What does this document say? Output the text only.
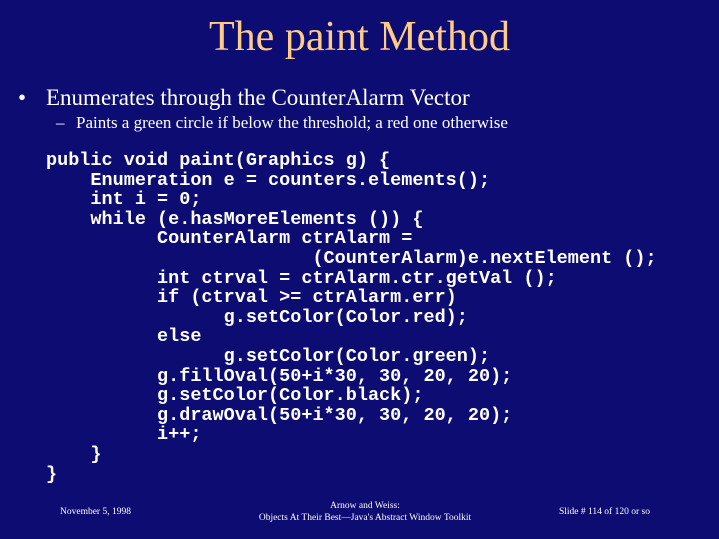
The paint Method
• Enumerates through the CounterAlarm Vector
– Paints a green circle if below the threshold; a red one otherwise
public void paint(Graphics g) {
Enumeration e = counters.elements();
int i = 0;
while (e.hasMoreElements ()) {
CounterAlarm ctrAlarm =
(CounterAlarm)e.nextElement ();
int ctrval = ctrAlarm.ctr.getVal ();
if (ctrval >= ctrAlarm.err)
g.setColor(Color.red);
else
g.setColor(Color.green);
g.fillOval(50+i*30, 30, 20, 20);
g.setColor(Color.black);
g.drawOval(50+i*30, 30, 20, 20);
i++;
}
}
November 5, 1998
Arnow and Weiss:
Objects At Their Best—Java's Abstract Window Toolkit
Slide # 114 of 120 or so
